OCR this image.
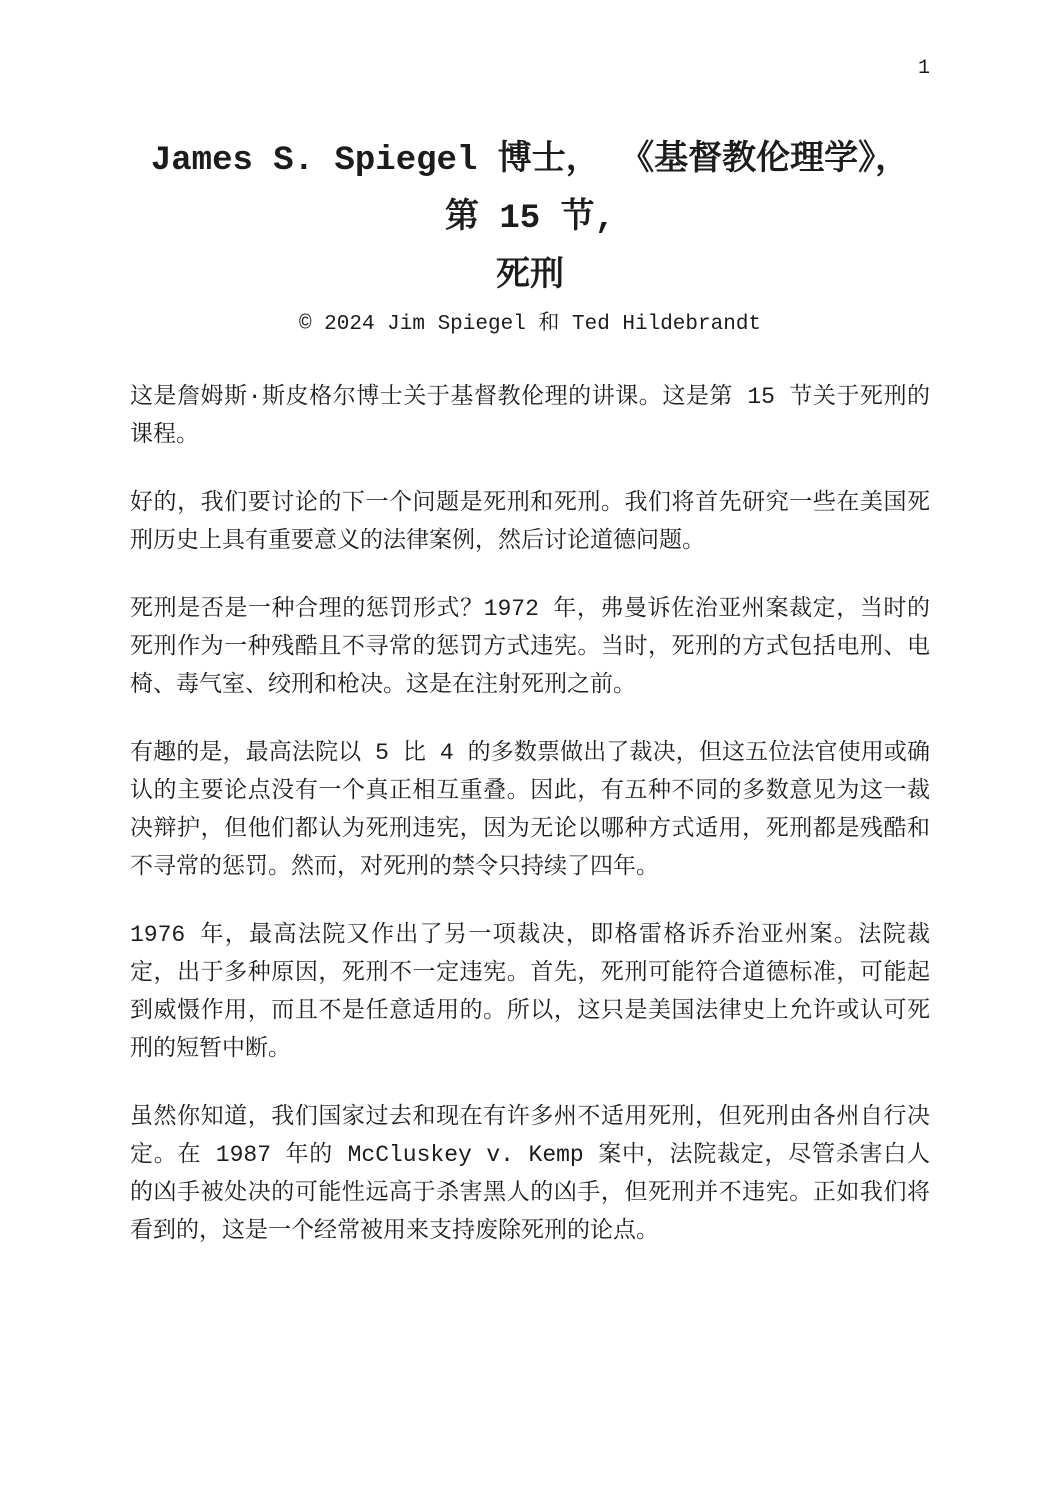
1
James S. Spiegel 博士， 《基督教伦理学》，
第 15 节,
死刑
© 2024 Jim Spiegel 和 Ted Hildebrandt

这是詹姆斯·斯皮格尔博士关于基督教伦理的讲课。这是第 15 节关于死刑的课程。

好的，我们要讨论的下一个问题是死刑和死刑。我们将首先研究一些在美国死刑历史上具有重要意义的法律案例，然后讨论道德问题。

死刑是否是一种合理的惩罚形式？1972 年，弗曼诉佐治亚州案裁定，当时的死刑作为一种残酷且不寻常的惩罚方式违宪。当时，死刑的方式包括电刑、电椅、毒气室、绞刑和枪决。这是在注射死刑之前。

有趣的是，最高法院以 5 比 4 的多数票做出了裁决，但这五位法官使用或确认的主要论点没有一个真正相互重叠。因此，有五种不同的多数意见为这一裁决辩护，但他们都认为死刑违宪，因为无论以哪种方式适用，死刑都是残酷和不寻常的惩罚。然而，对死刑的禁令只持续了四年。

1976 年，最高法院又作出了另一项裁决，即格雷格诉乔治亚州案。法院裁定，出于多种原因，死刑不一定违宪。首先，死刑可能符合道德标准，可能起到威慑作用，而且不是任意适用的。所以，这只是美国法律史上允许或认可死刑的短暂中断。

虽然你知道，我们国家过去和现在有许多州不适用死刑，但死刑由各州自行决定。在 1987 年的 McCluskey v. Kemp 案中，法院裁定，尽管杀害白人的凶手被处决的可能性远高于杀害黑人的凶手，但死刑并不违宪。正如我们将看到的，这是一个经常被用来支持废除死刑的论点。
